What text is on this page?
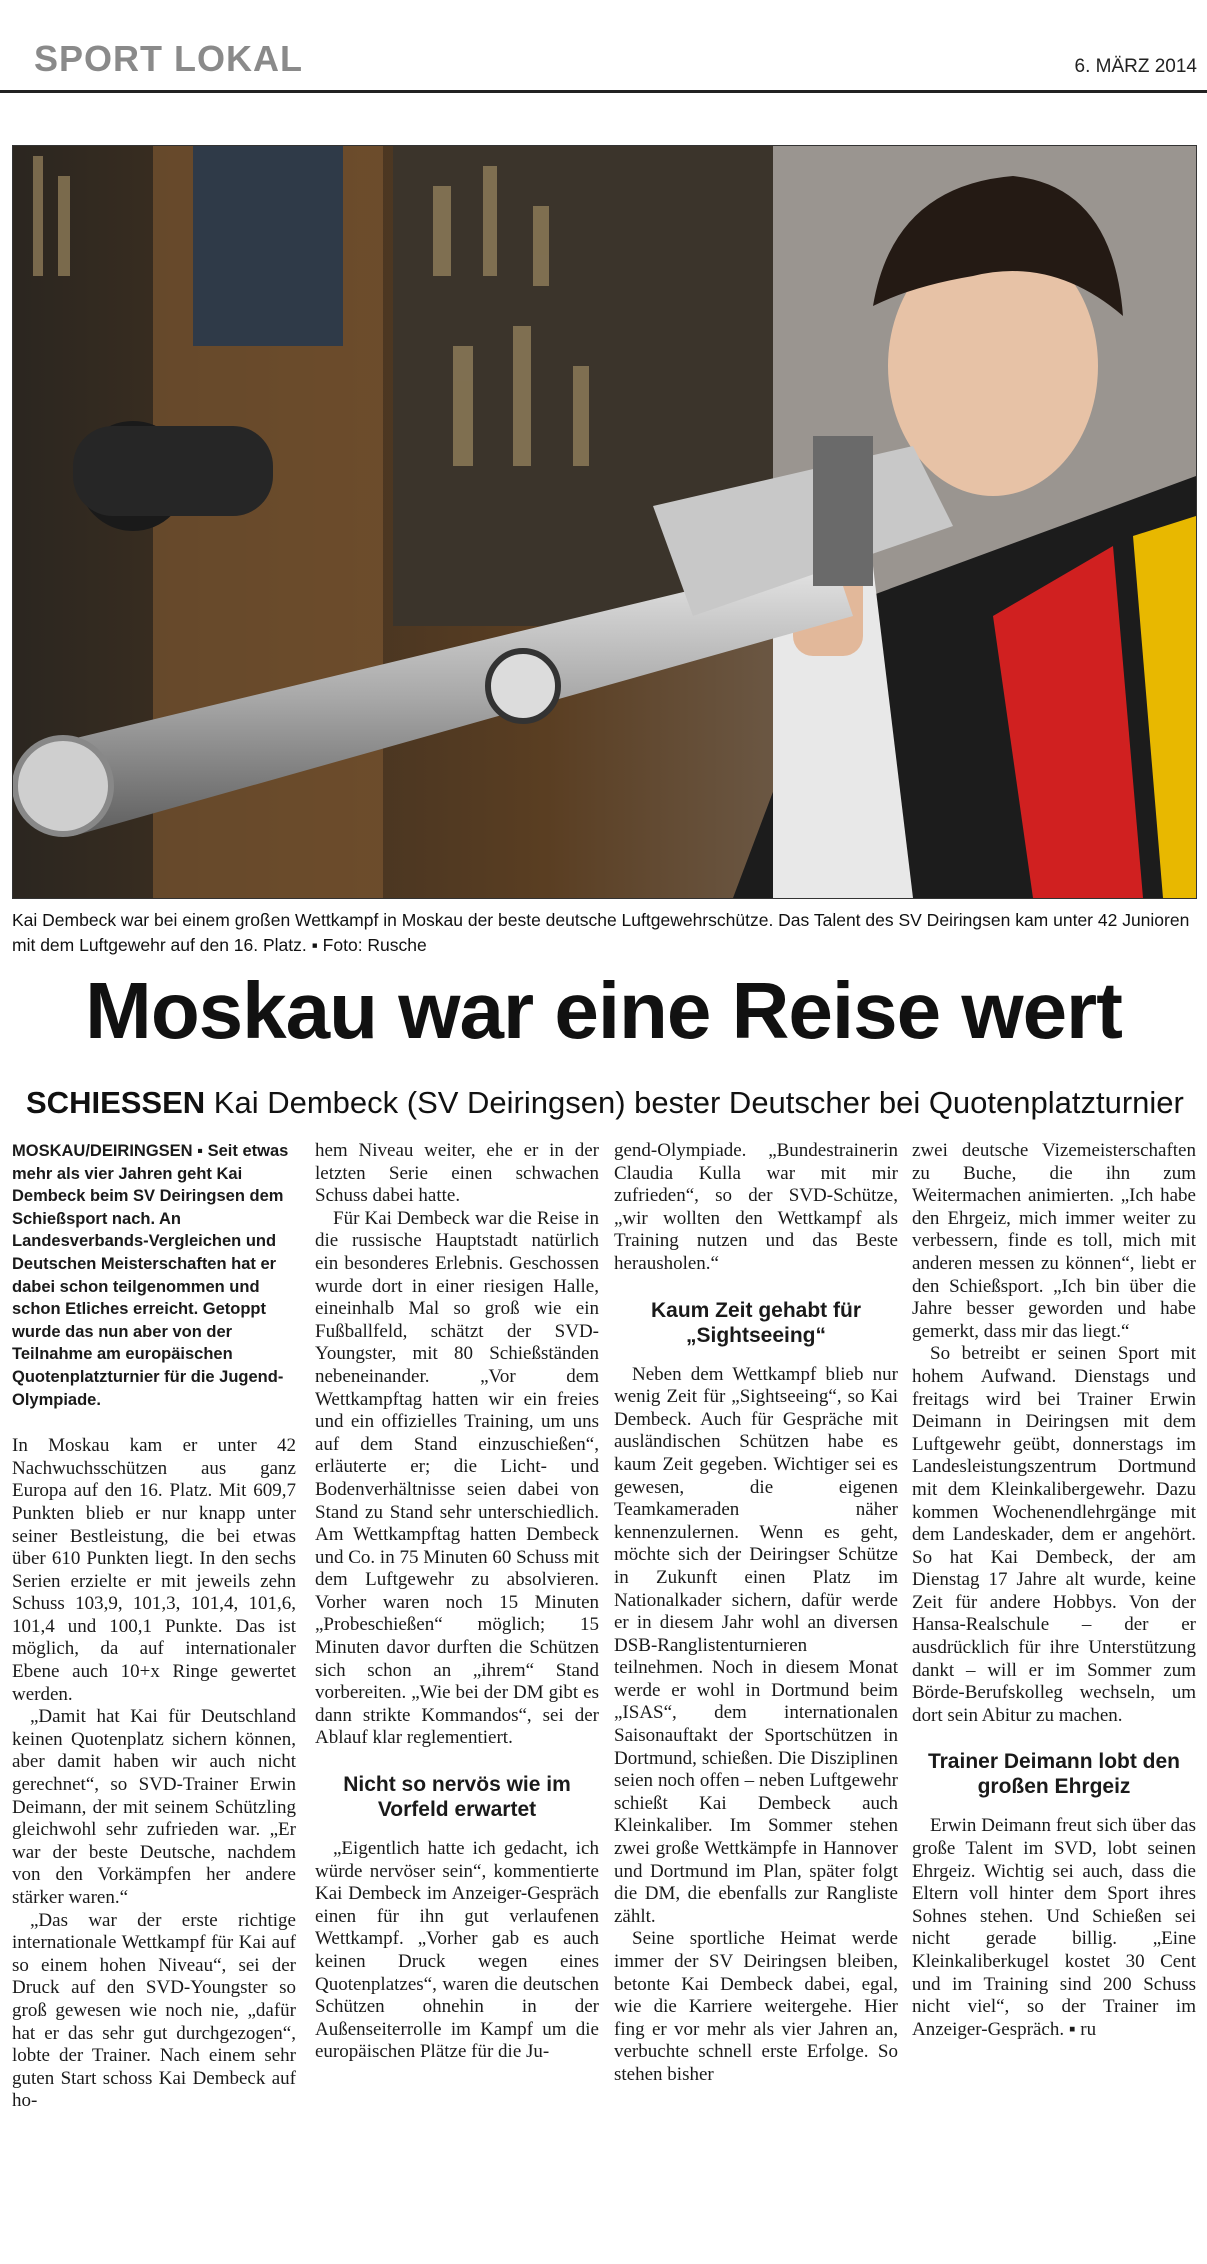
SPORT LOKAL	6. MÄRZ 2014
Kai Dembeck war bei einem großen Wettkampf in Moskau der beste deutsche Luftgewehrschütze. Das Talent des SV Deiringsen kam unter 42 Junioren mit dem Luftgewehr auf den 16. Platz. ▪ Foto: Rusche
Moskau war eine Reise wert
SCHIESSEN Kai Dembeck (SV Deiringsen) bester Deutscher bei Quotenplatzturnier

MOSKAU/DEIRINGSEN ▪ Seit etwas mehr als vier Jahren geht Kai Dembeck beim SV Deiringsen dem Schießsport nach. An Landesverbands-Vergleichen und Deutschen Meisterschaften hat er dabei schon teilgenommen und schon Etliches erreicht. Getoppt wurde das nun aber von der Teilnahme am europäischen Quotenplatzturnier für die Jugend-Olympiade.

In Moskau kam er unter 42 Nachwuchsschützen aus ganz Europa auf den 16. Platz. Mit 609,7 Punkten blieb er nur knapp unter seiner Bestleistung, die bei etwas über 610 Punkten liegt. In den sechs Serien erzielte er mit jeweils zehn Schuss 103,9, 101,3, 101,4, 101,6, 101,4 und 100,1 Punkte. Das ist möglich, da auf internationaler Ebene auch 10+x Ringe gewertet werden.

„Damit hat Kai für Deutschland keinen Quotenplatz sichern können, aber damit haben wir auch nicht gerechnet“, so SVD-Trainer Erwin Deimann, der mit seinem Schützling gleichwohl sehr zufrieden war. „Er war der beste Deutsche, nachdem von den Vorkämpfen her andere stärker waren.“

„Das war der erste richtige internationale Wettkampf für Kai auf so einem hohen Niveau“, sei der Druck auf den SVD-Youngster so groß gewesen wie noch nie, „dafür hat er das sehr gut durchgezogen“, lobte der Trainer. Nach einem sehr guten Start schoss Kai Dembeck auf ho-

hem Niveau weiter, ehe er in der letzten Serie einen schwachen Schuss dabei hatte.

Für Kai Dembeck war die Reise in die russische Hauptstadt natürlich ein besonderes Erlebnis. Geschossen wurde dort in einer riesigen Halle, eineinhalb Mal so groß wie ein Fußballfeld, schätzt der SVD-Youngster, mit 80 Schießständen nebeneinander. „Vor dem Wettkampftag hatten wir ein freies und ein offizielles Training, um uns auf dem Stand einzuschießen“, erläuterte er; die Licht- und Bodenverhältnisse seien dabei von Stand zu Stand sehr unterschiedlich. Am Wettkampftag hatten Dembeck und Co. in 75 Minuten 60 Schuss mit dem Luftgewehr zu absolvieren. Vorher waren noch 15 Minuten „Probeschießen“ möglich; 15 Minuten davor durften die Schützen sich schon an „ihrem“ Stand vorbereiten. „Wie bei der DM gibt es dann strikte Kommandos“, sei der Ablauf klar reglementiert.

Nicht so nervös wie im Vorfeld erwartet

„Eigentlich hatte ich gedacht, ich würde nervöser sein“, kommentierte Kai Dembeck im Anzeiger-Gespräch einen für ihn gut verlaufenen Wettkampf. „Vorher gab es auch keinen Druck wegen eines Quotenplatzes“, waren die deutschen Schützen ohnehin in der Außenseiterrolle im Kampf um die europäischen Plätze für die Ju-

gend-Olympiade. „Bundestrainerin Claudia Kulla war mit mir zufrieden“, so der SVD-Schütze, „wir wollten den Wettkampf als Training nutzen und das Beste herausholen.“

Kaum Zeit gehabt für „Sightseeing“

Neben dem Wettkampf blieb nur wenig Zeit für „Sightseeing“, so Kai Dembeck. Auch für Gespräche mit ausländischen Schützen habe es kaum Zeit gegeben. Wichtiger sei es gewesen, die eigenen Teamkameraden näher kennenzulernen. Wenn es geht, möchte sich der Deiringser Schütze in Zukunft einen Platz im Nationalkader sichern, dafür werde er in diesem Jahr wohl an diversen DSB-Ranglistenturnieren teilnehmen. Noch in diesem Monat werde er wohl in Dortmund beim „ISAS“, dem internationalen Saisonauftakt der Sportschützen in Dortmund, schießen. Die Disziplinen seien noch offen – neben Luftgewehr schießt Kai Dembeck auch Kleinkaliber. Im Sommer stehen zwei große Wettkämpfe in Hannover und Dortmund im Plan, später folgt die DM, die ebenfalls zur Rangliste zählt.

Seine sportliche Heimat werde immer der SV Deiringsen bleiben, betonte Kai Dembeck dabei, egal, wie die Karriere weitergehe. Hier fing er vor mehr als vier Jahren an, verbuchte schnell erste Erfolge. So stehen bisher

zwei deutsche Vizemeisterschaften zu Buche, die ihn zum Weitermachen animierten. „Ich habe den Ehrgeiz, mich immer weiter zu verbessern, finde es toll, mich mit anderen messen zu können“, liebt er den Schießsport. „Ich bin über die Jahre besser geworden und habe gemerkt, dass mir das liegt.“

So betreibt er seinen Sport mit hohem Aufwand. Dienstags und freitags wird bei Trainer Erwin Deimann in Deiringsen mit dem Luftgewehr geübt, donnerstags im Landesleistungszentrum Dortmund mit dem Kleinkalibergewehr. Dazu kommen Wochenendlehrgänge mit dem Landeskader, dem er angehört. So hat Kai Dembeck, der am Dienstag 17 Jahre alt wurde, keine Zeit für andere Hobbys. Von der Hansa-Realschule – der er ausdrücklich für ihre Unterstützung dankt – will er im Sommer zum Börde-Berufskolleg wechseln, um dort sein Abitur zu machen.

Trainer Deimann lobt den großen Ehrgeiz

Erwin Deimann freut sich über das große Talent im SVD, lobt seinen Ehrgeiz. Wichtig sei auch, dass die Eltern voll hinter dem Sport ihres Sohnes stehen. Und Schießen sei nicht gerade billig. „Eine Kleinkaliberkugel kostet 30 Cent und im Training sind 200 Schuss nicht viel“, so der Trainer im Anzeiger-Gespräch. ▪ ru
